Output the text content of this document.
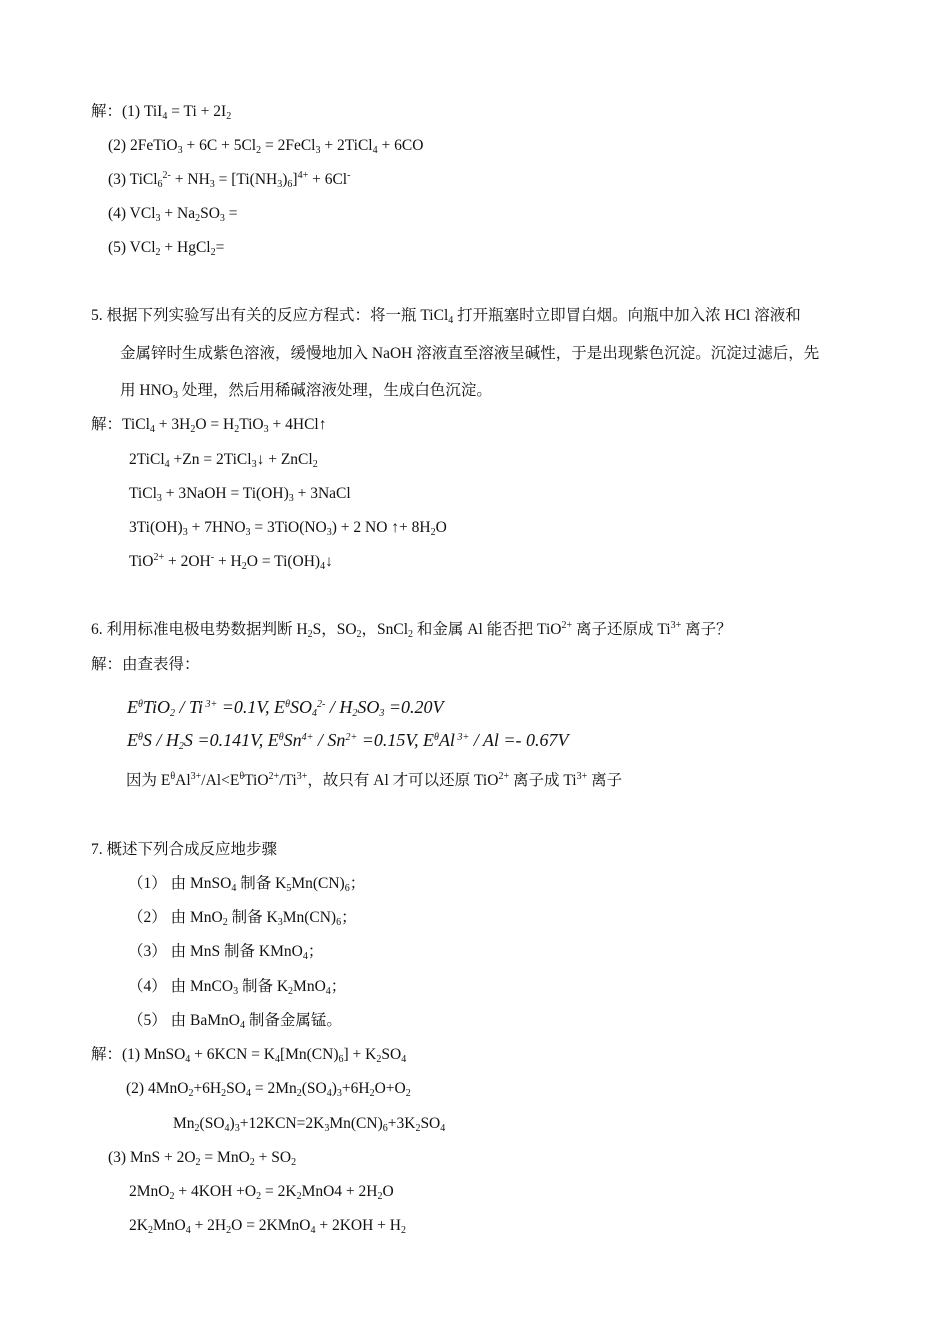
解：(1) $TiI_4 = Ti + 2I_2$
(2) 2FeTiO$_3$ + $6C + 5Cl_2$ = 2FeCl$_3$ + 2TiCl$_4$ + 6CO
(3) TiCl$_6^{2-}$ + $NH_3 = [Ti(NH_3)_6]^{4+} + 6Cl^-$
(4) $VCl_3 + Na_2SO_3$ =
(5) VCl$_2$ + HgCl$_2$=
5. 根据下列实验写出有关的反应方程式：将一瓶 TiCl$_4$ 打开瓶塞时立即冒白烟。向瓶中加入浓 HCl 溶液和
金属锌时生成紫色溶液，缓慢地加入 NaOH 溶液直至溶液呈碱性，于是出现紫色沉淀。沉淀过滤后，先
用 $HNO_3$ 处理，然后用稀碱溶液处理，生成白色沉淀。
解：TiCl$_4$ + $3H_2O = H_2TiO_3$ + 4HCl↑
2TiCl$_4$ +Zn = 2TiCl$_3$↓ + ZnCl$_2$
TiCl$_3$ + 3NaOH = $Ti(OH)_3$ + 3NaCl
$3Ti(OH)_3 + 7HNO_3 = 3TiO(NO_3) + 2$ NO ↑+ $8H_2O$
$TiO^{2+} + 2OH^- + H_2O$ = $Ti(OH)_4↓$
6. 利用标准电极电势数据判断 $H_2S$，$SO_2$，SnCl$_2$ 和金属 Al 能否把 TiO$^{2+}$ 离子还原成 $Ti^{3+}$ 离子？
解：由查表得：
$E^\theta TiO_2$ / Ti $^{3+}$ =0.1V, $E^\theta SO_4^{2-} / H_2SO_3 =0.20V$
$E^\theta S / H_2S =0.141V$, $E^\theta Sn^{4+} / Sn^{2+} =0.15V$, $E^\theta Al$ $^{3+}$ / Al =- 0.67V
因为 $E^\theta Al^{3+}/Al<E^\theta TiO^{2+}/Ti^{3+}$，故只有 Al 才可以还原 TiO$^{2+}$ 离子成 $Ti^{3+}$ 离子
7. 概述下列合成反应地步骤
（1） 由 MnSO$_4$ 制备 $K_5Mn(CN)_6$；
（2） 由 MnO$_2$ 制备 $K_3Mn(CN)_6$；
（3） 由 MnS 制备 KMnO$_4$；
（4） 由 MnCO$_3$ 制备 $K_2MnO_4$；
（5） 由 BaMnO$_4$ 制备金属锰。
解：(1) MnSO$_4$ + $6KCN = K_4[Mn(CN)_6] + K_2SO_4$
(2) $4MnO_2+6H_2SO_4 = 2Mn_2(SO_4)_3+6H_2O+O_2$
$Mn_2(SO_4)_3+12KCN=2K_3Mn(CN)_6+3K_2SO_4$
(3) MnS + $2O_2 = MnO_2 + SO_2$
$2MnO_2 + 4KOH +O_2 = 2K_2MnO4 + 2H_2O$
$2K_2MnO_4 + 2H_2O$ = 2KMnO$_4$ + $2KOH + H_2$
